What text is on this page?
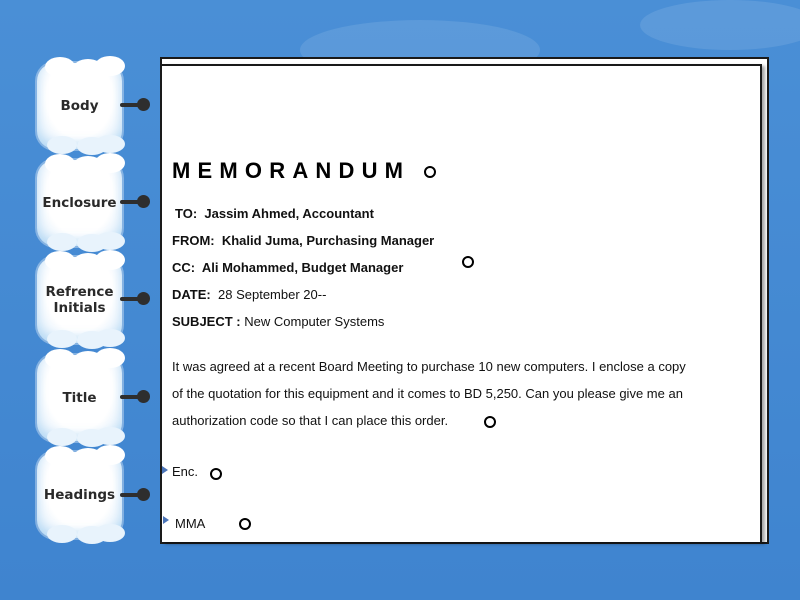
Body
Enclosure
Refrence Initials
Title
Headings
MEMORANDUM
TO: Jassim Ahmed, Accountant
FROM: Khalid Juma, Purchasing Manager
CC: Ali Mohammed, Budget Manager
DATE: 28 September 20--
SUBJECT : New Computer Systems
It was agreed at a recent Board Meeting to purchase 10 new computers. I enclose a copy
of the quotation for this equipment and it comes to BD 5,250. Can you please give me an
authorization code so that I can place this order.
Enc.
MMA
